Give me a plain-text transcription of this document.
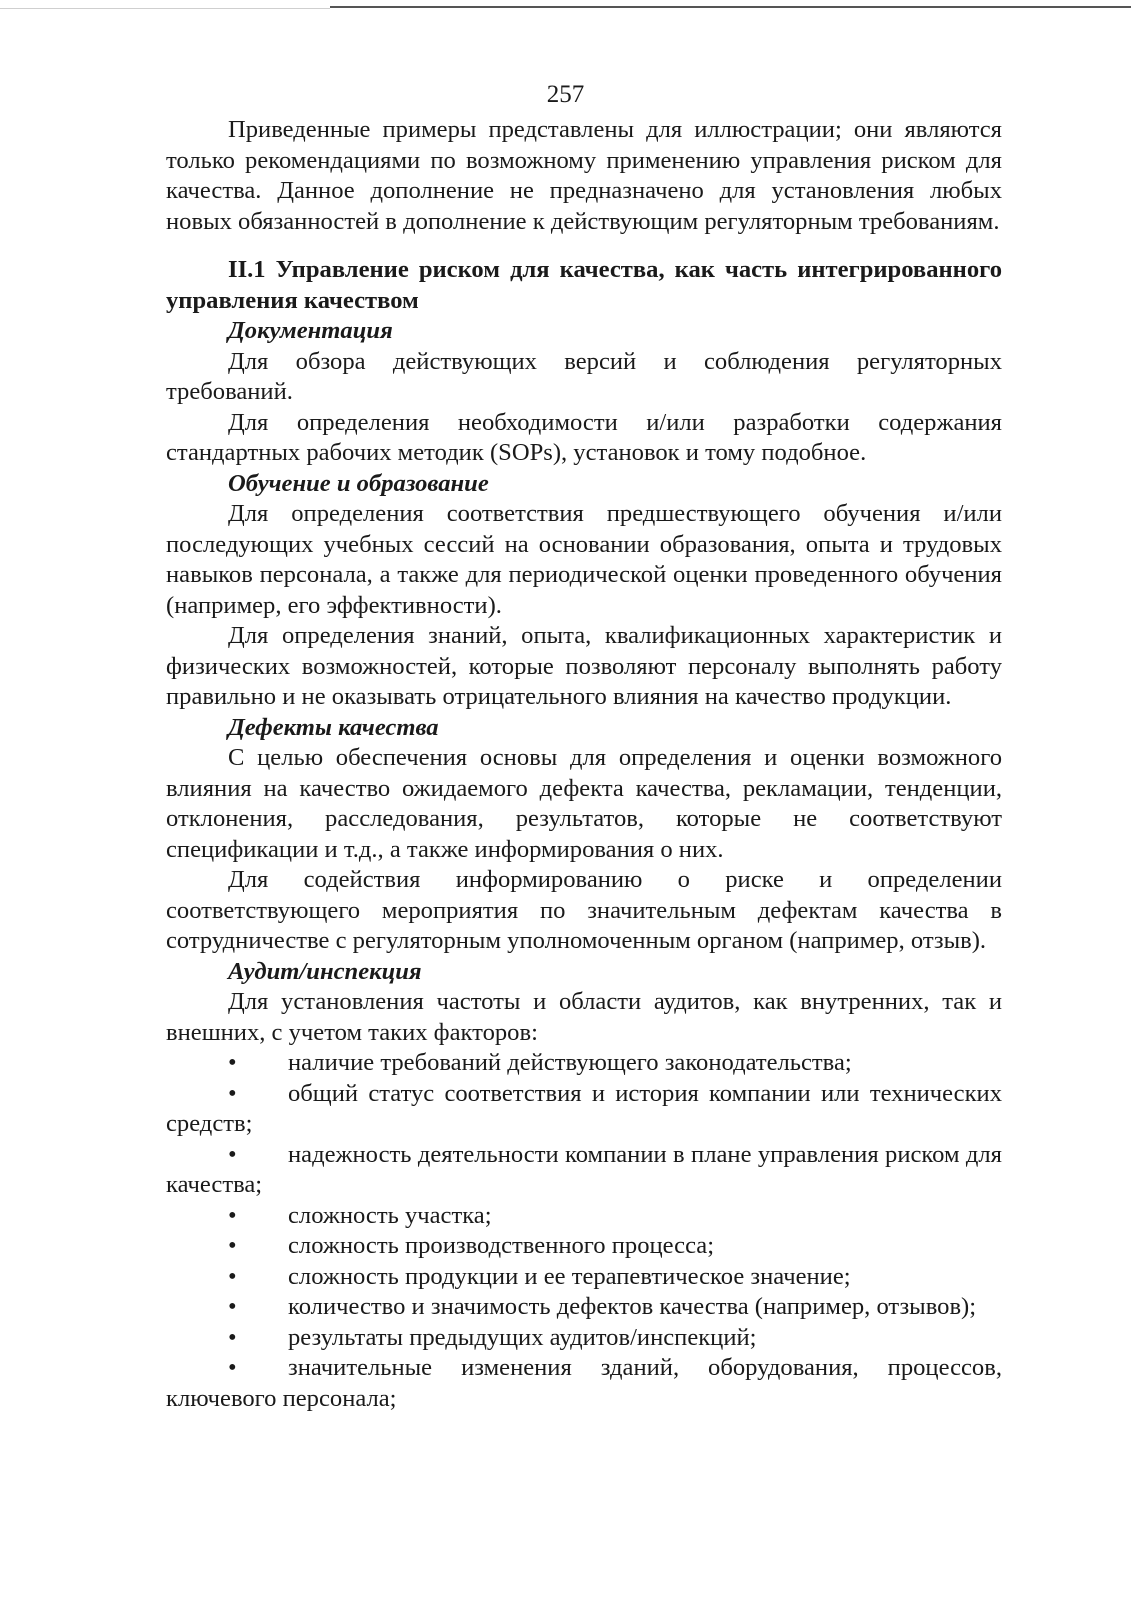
257

Приведенные примеры представлены для иллюстрации; они являются только рекомендациями по возможному применению управления риском для качества. Данное дополнение не предназначено для установления любых новых обязанностей в дополнение к действующим регуляторным требованиям.

II.1 Управление риском для качества, как часть интегрированного управления качеством

Документация

Для обзора действующих версий и соблюдения регуляторных требований.

Для определения необходимости и/или разработки содержания стандартных рабочих методик (SOPs), установок и тому подобное.

Обучение и образование

Для определения соответствия предшествующего обучения и/или последующих учебных сессий на основании образования, опыта и трудовых навыков персонала, а также для периодической оценки проведенного обучения (например, его эффективности).

Для определения знаний, опыта, квалификационных характеристик и физических возможностей, которые позволяют персоналу выполнять работу правильно и не оказывать отрицательного влияния на качество продукции.

Дефекты качества

С целью обеспечения основы для определения и оценки возможного влияния на качество ожидаемого дефекта качества, рекламации, тенденции, отклонения, расследования, результатов, которые не соответствуют спецификации и т.д., а также информирования о них.

Для содействия информированию о риске и определении соответствующего мероприятия по значительным дефектам качества в сотрудничестве с регуляторным уполномоченным органом (например, отзыв).

Аудит/инспекция

Для установления частоты и области аудитов, как внутренних, так и внешних, с учетом таких факторов:

• наличие требований действующего законодательства;
• общий статус соответствия и история компании или технических средств;
• надежность деятельности компании в плане управления риском для качества;
• сложность участка;
• сложность производственного процесса;
• сложность продукции и ее терапевтическое значение;
• количество и значимость дефектов качества (например, отзывов);
• результаты предыдущих аудитов/инспекций;
• значительные изменения зданий, оборудования, процессов, ключевого персонала;
